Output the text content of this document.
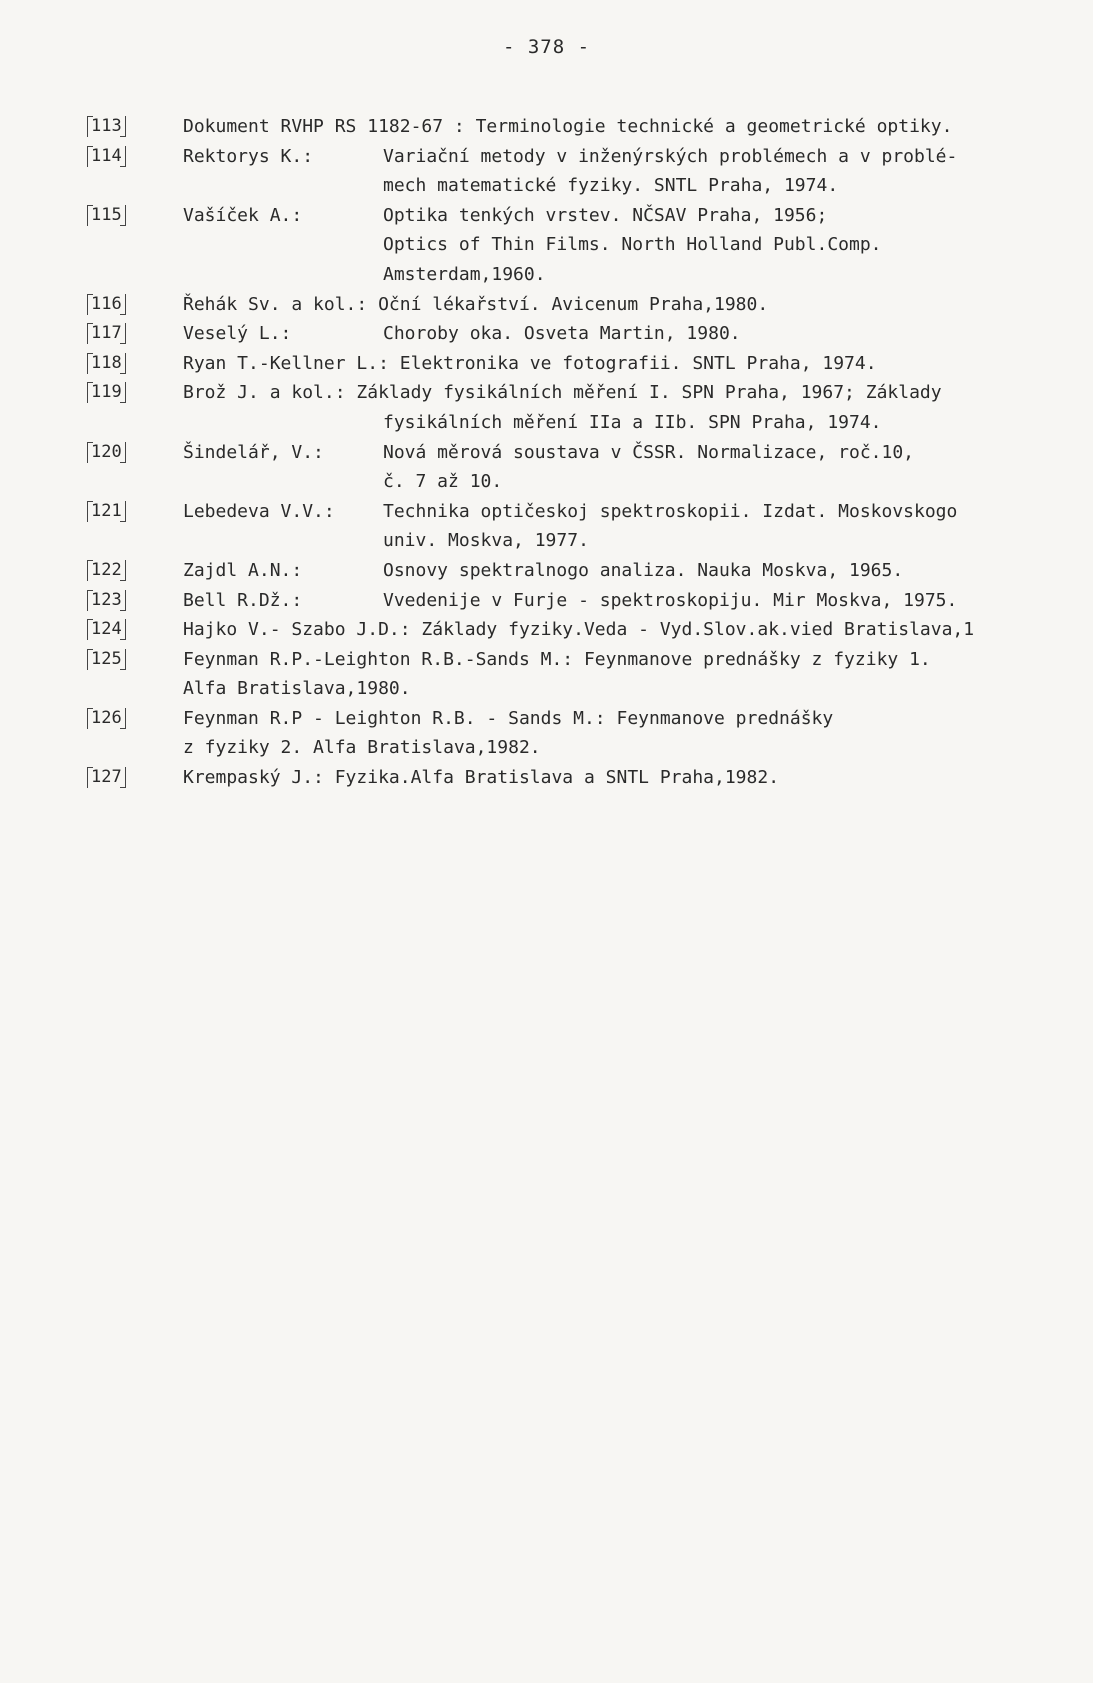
- 378 -
113	Dokument RVHP RS 1182-67 : Terminologie technické a geometrické optiky.
114	Rektorys K.:	Variační metody v inženýrských problémech a v problé-
mech matematické fyziky. SNTL Praha, 1974.
115	Vašíček A.:	Optika tenkých vrstev. NČSAV Praha, 1956;
Optics of Thin Films. North Holland Publ.Comp.
Amsterdam,1960.
116	Řehák Sv. a kol.: Oční lékařství. Avicenum Praha,1980.
117	Veselý L.:	Choroby oka. Osveta Martin, 1980.
118	Ryan T.-Kellner L.: Elektronika ve fotografii. SNTL Praha, 1974.
119	Brož J. a kol.: Základy fysikálních měření I. SPN Praha, 1967; Základy
fysikálních měření IIa a IIb. SPN Praha, 1974.
120	Šindelář, V.:	Nová měrová soustava v ČSSR. Normalizace, roč.10,
č. 7 až 10.
121	Lebedeva V.V.:	Technika optičeskoj spektroskopii. Izdat. Moskovskogo
univ. Moskva, 1977.
122	Zajdl A.N.:	Osnovy spektralnogo analiza. Nauka Moskva, 1965.
123	Bell R.Dž.:	Vvedenije v Furje - spektroskopiju. Mir Moskva, 1975.
124	Hajko V.- Szabo J.D.: Základy fyziky.Veda - Vyd.Slov.ak.vied Bratislava,1
125	Feynman R.P.-Leighton R.B.-Sands M.: Feynmanove prednášky z fyziky 1.
Alfa Bratislava,1980.
126	Feynman R.P - Leighton R.B. - Sands M.: Feynmanove prednášky
z fyziky 2. Alfa Bratislava,1982.
127	Krempaský J.: Fyzika.Alfa Bratislava a SNTL Praha,1982.
